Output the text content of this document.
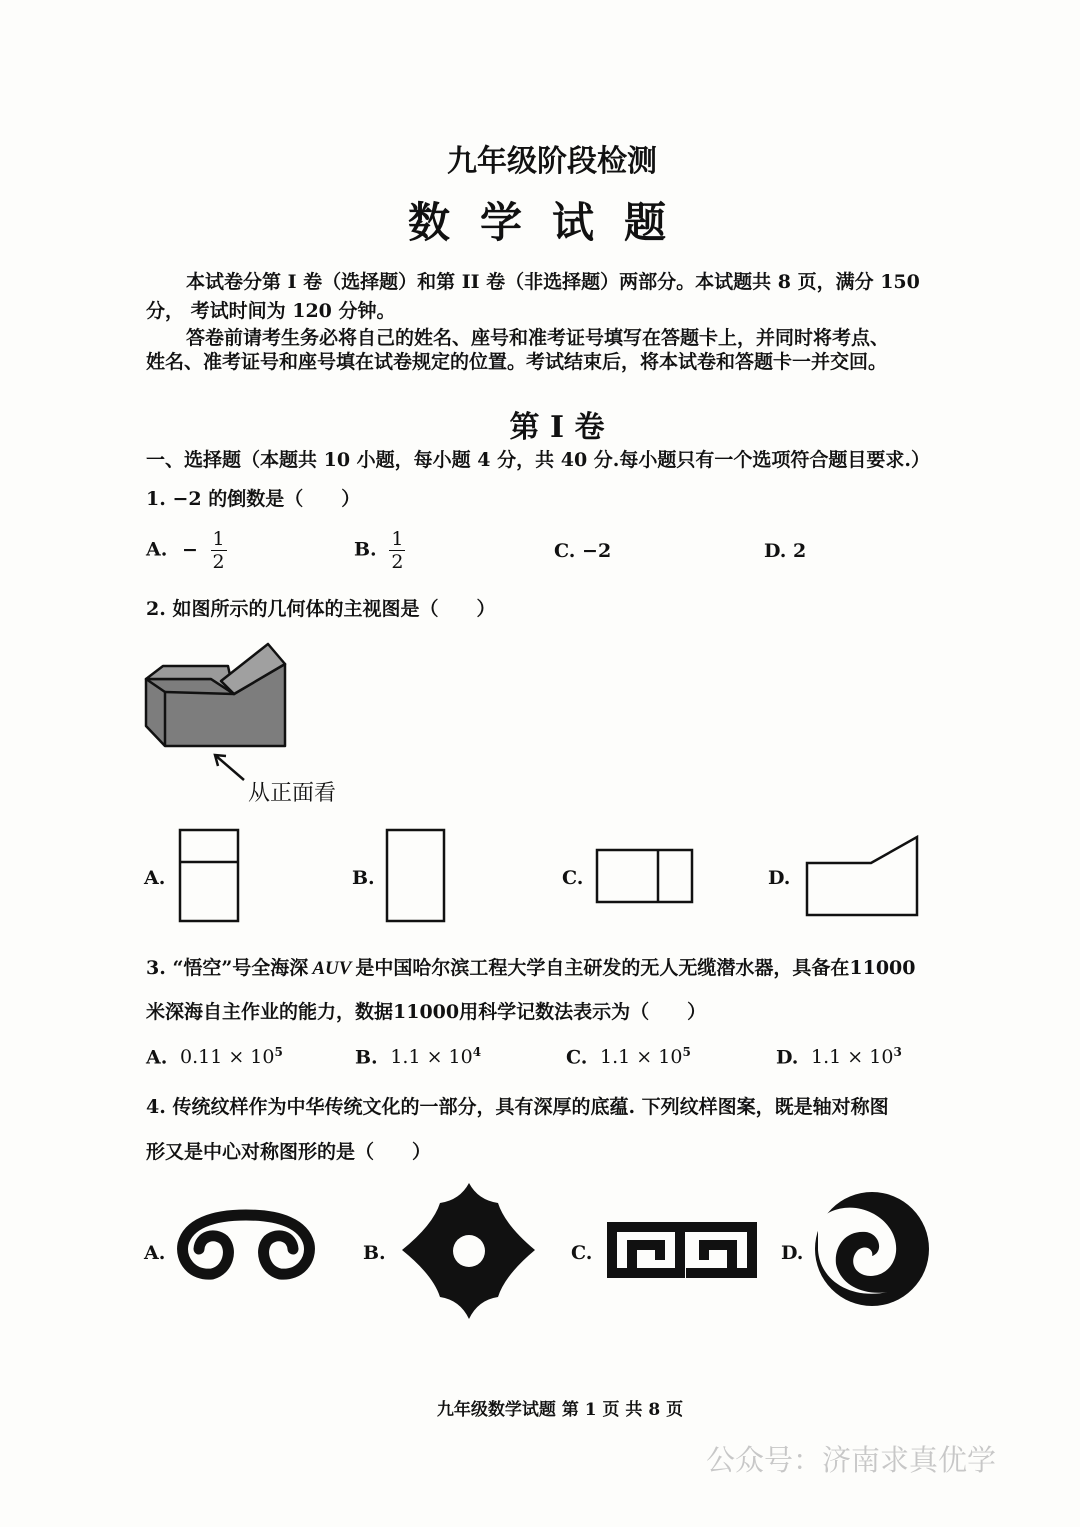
九年级阶段检测
数学试题
本试卷分第 I 卷（选择题）和第 II 卷（非选择题）两部分。本试题共 8 页，满分 150
分， 考试时间为 120 分钟。
答卷前请考生务必将自己的姓名、座号和准考证号填写在答题卡上，并同时将考点、
姓名、准考证号和座号填在试卷规定的位置。考试结束后，将本试卷和答题卡一并交回。
第 I 卷
一、选择题（本题共 10 小题，每小题 4 分，共 40 分.每小题只有一个选项符合题目要求.）
1. −2 的倒数是（　　）
A. − $\frac{1}{2}$	B. $\frac{1}{2}$	C. −2	D. 2
2. 如图所示的几何体的主视图是（　　）
从正面看
A.	B.	C.	D.
3. “悟空”号全海深 AUV 是中国哈尔滨工程大学自主研发的无人无缆潜水器，具备在11000
米深海自主作业的能力，数据11000用科学记数法表示为（　　）
A. $0.11 \times 10^5$	B. $1.1 \times 10^4$	C. $1.1 \times 10^5$	D. $1.1 \times 10^3$
4. 传统纹样作为中华传统文化的一部分，具有深厚的底蕴. 下列纹样图案，既是轴对称图
形又是中心对称图形的是（　　）
A.	B.	C.	D.
九年级数学试题 第 1 页 共 8 页
公众号：济南求真优学
